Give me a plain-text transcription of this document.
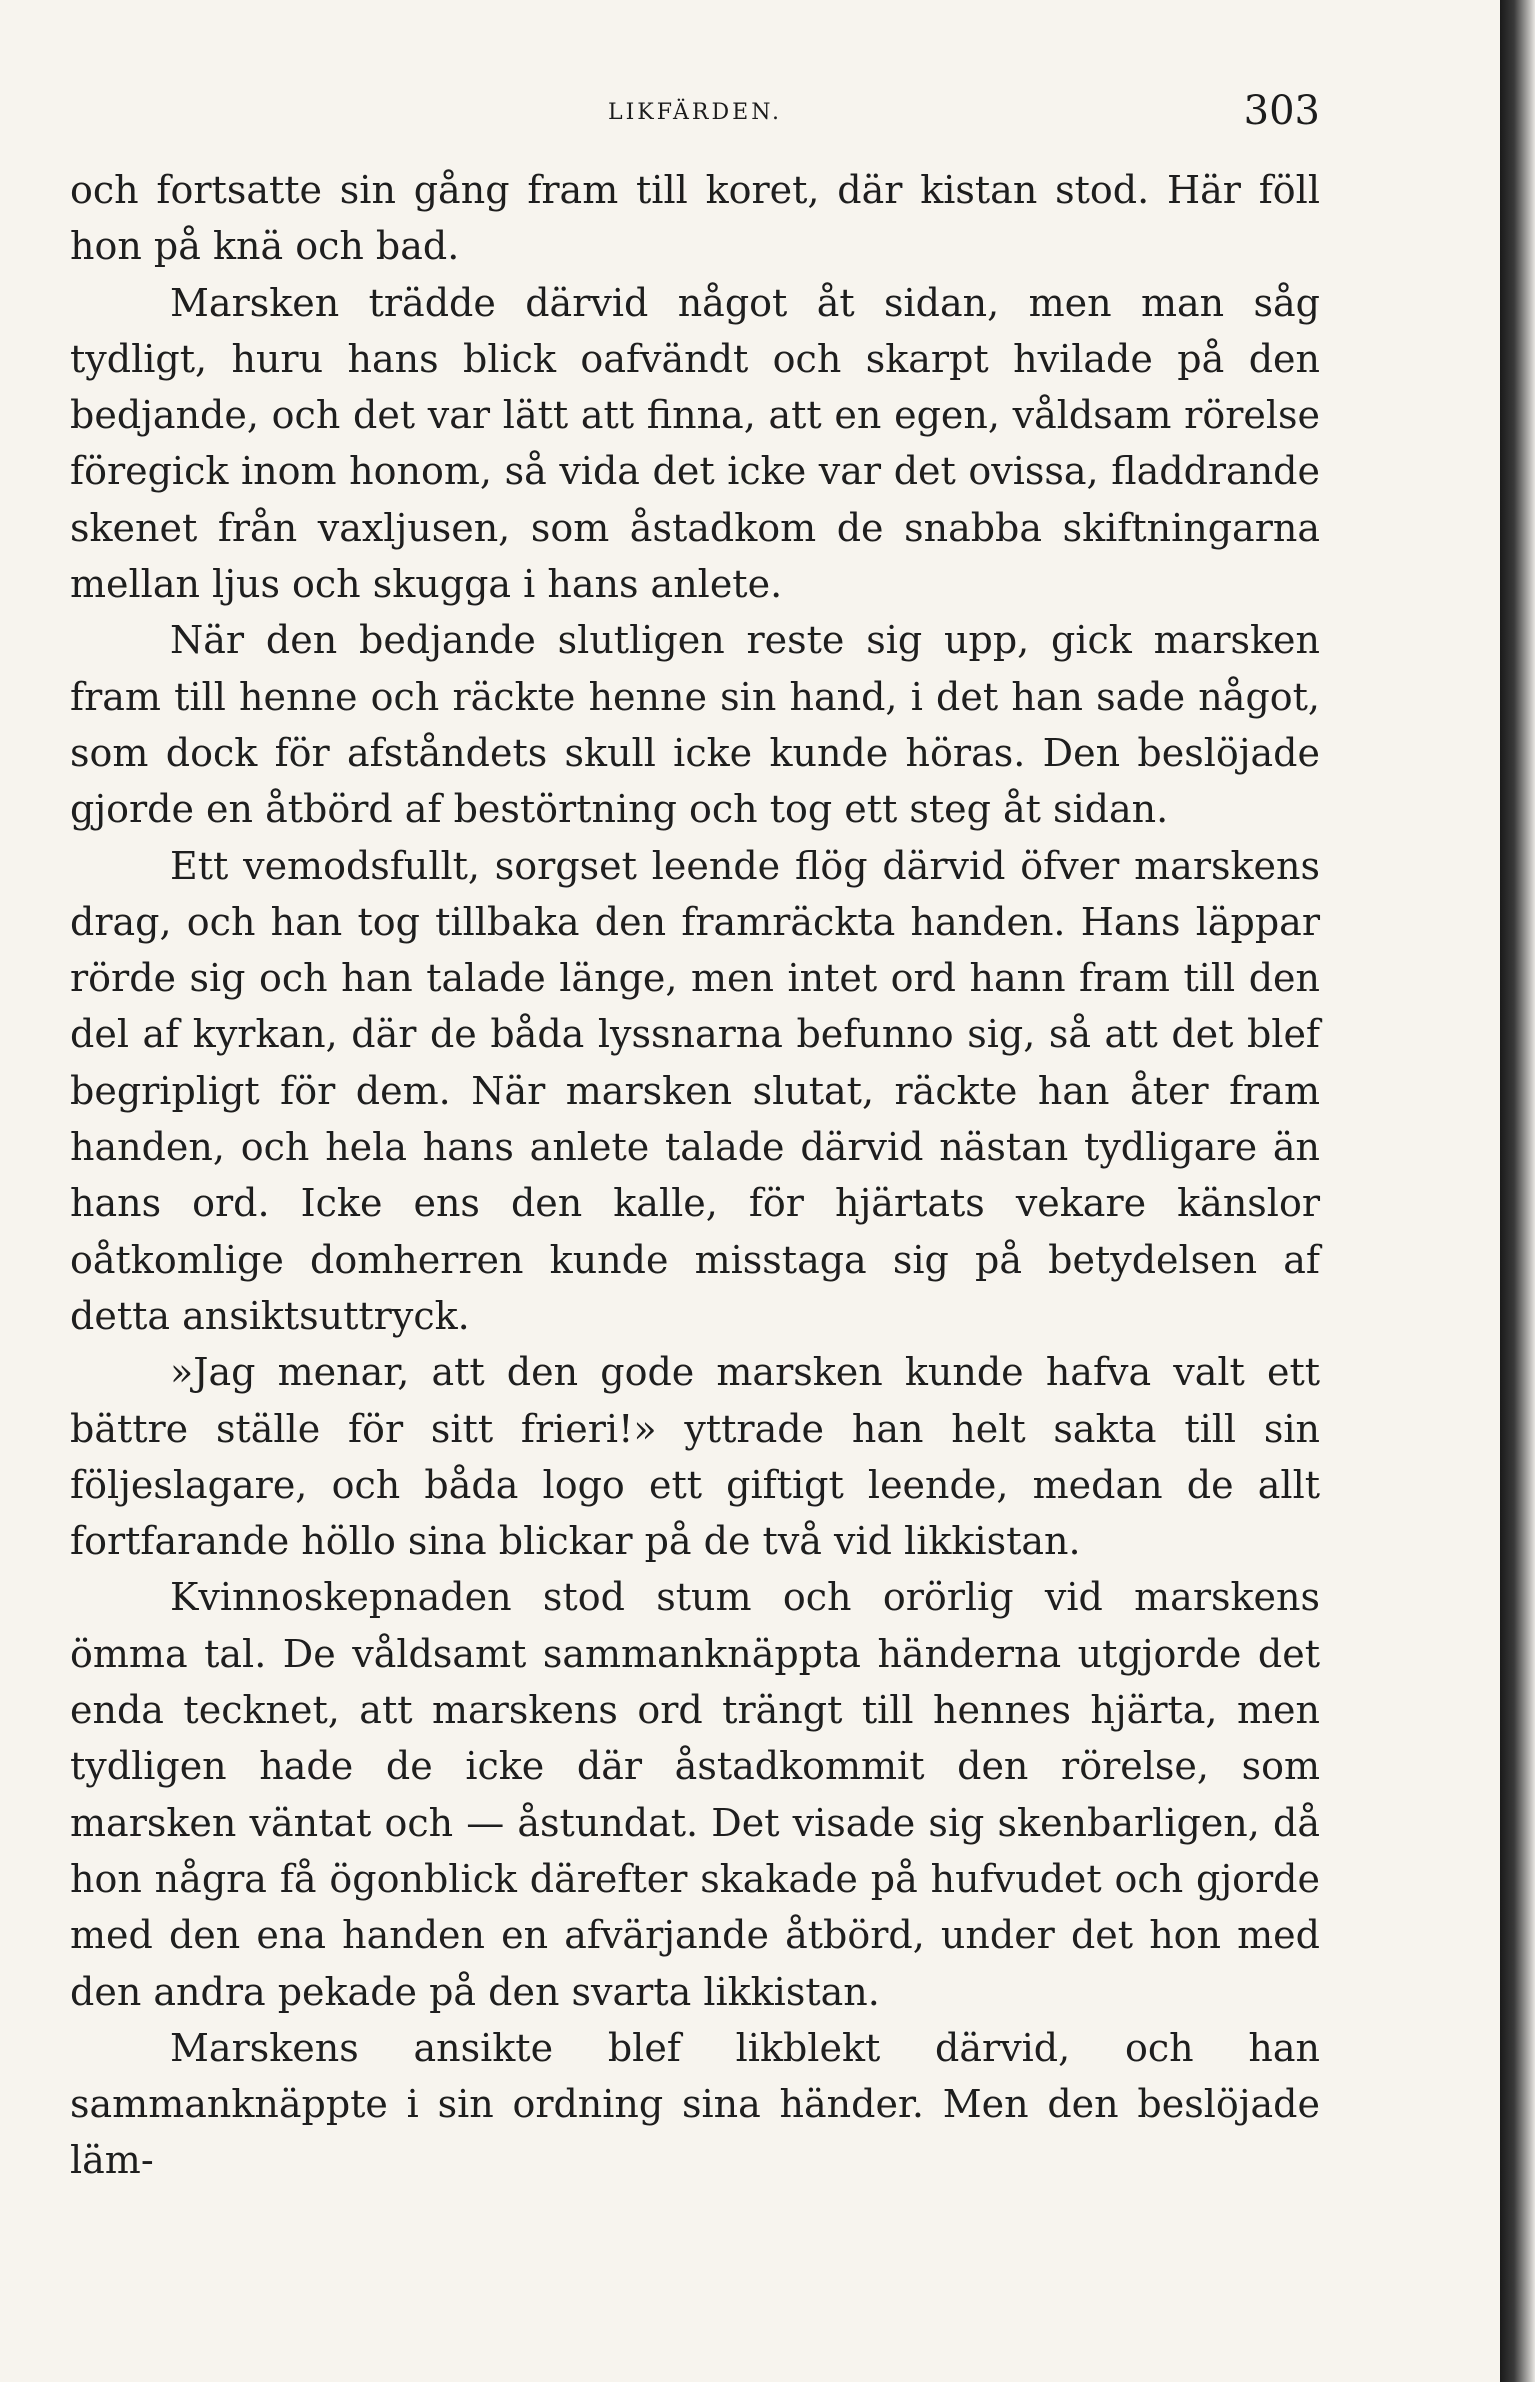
LIKFÄRDEN.	303

och fortsatte sin gång fram till koret, där kistan stod. Här föll hon på knä och bad.

Marsken trädde därvid något åt sidan, men man såg tydligt, huru hans blick oafvändt och skarpt hvilade på den bedjande, och det var lätt att finna, att en egen, våldsam rörelse föregick inom honom, så vida det icke var det ovissa, fladdrande skenet från vaxljusen, som åstadkom de snabba skiftningarna mellan ljus och skugga i hans anlete.

När den bedjande slutligen reste sig upp, gick marsken fram till henne och räckte henne sin hand, i det han sade något, som dock för afståndets skull icke kunde höras. Den beslöjade gjorde en åtbörd af bestörtning och tog ett steg åt sidan.

Ett vemodsfullt, sorgset leende flög därvid öfver marskens drag, och han tog tillbaka den framräckta handen. Hans läppar rörde sig och han talade länge, men intet ord hann fram till den del af kyrkan, där de båda lyssnarna befunno sig, så att det blef begripligt för dem. När marsken slutat, räckte han åter fram handen, och hela hans anlete talade därvid nästan tydligare än hans ord. Icke ens den kalle, för hjärtats vekare känslor oåtkomlige domherren kunde misstaga sig på betydelsen af detta ansiktsuttryck.

»Jag menar, att den gode marsken kunde hafva valt ett bättre ställe för sitt frieri!» yttrade han helt sakta till sin följeslagare, och båda logo ett giftigt leende, medan de allt fortfarande höllo sina blickar på de två vid likkistan.

Kvinnoskepnaden stod stum och orörlig vid marskens ömma tal. De våldsamt sammanknäppta händerna utgjorde det enda tecknet, att marskens ord trängt till hennes hjärta, men tydligen hade de icke där åstadkommit den rörelse, som marsken väntat och — åstundat. Det visade sig skenbarligen, då hon några få ögonblick därefter skakade på hufvudet och gjorde med den ena handen en afvärjande åtbörd, under det hon med den andra pekade på den svarta likkistan.

Marskens ansikte blef likblekt därvid, och han sammanknäppte i sin ordning sina händer. Men den beslöjade läm-
